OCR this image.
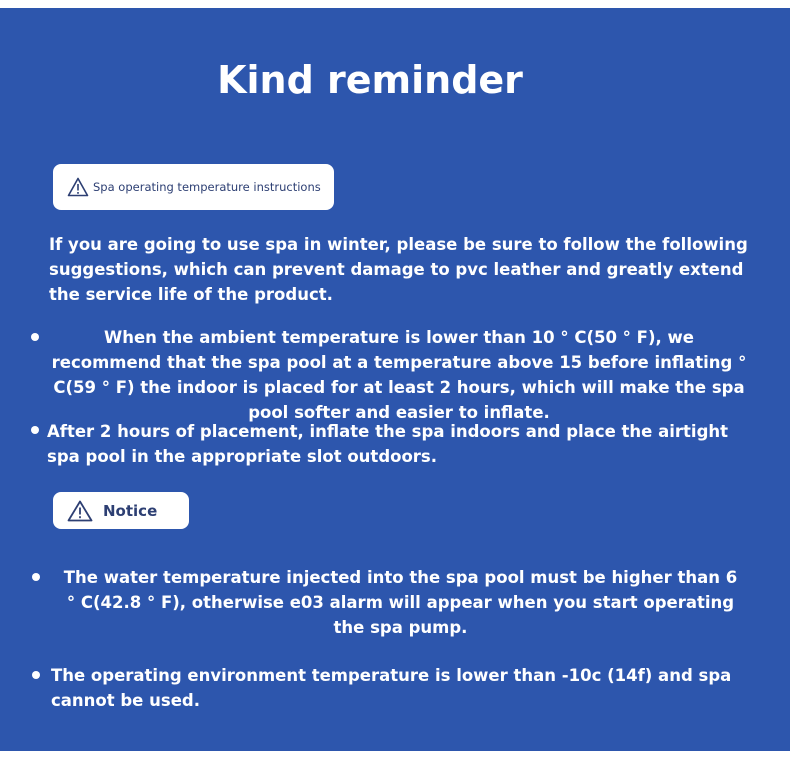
Kind reminder
Spa operating temperature instructions
If you are going to use spa in winter, please be sure to follow the following suggestions, which can prevent damage to pvc leather and greatly extend the service life of the product.
When the ambient temperature is lower than 10 ° C(50 ° F), we recommend that the spa pool at a temperature above 15 before inflating ° C(59 ° F) the indoor is placed for at least 2 hours, which will make the spa pool softer and easier to inflate.
After 2 hours of placement, inflate the spa indoors and place the airtight spa pool in the appropriate slot outdoors.
Notice
The water temperature injected into the spa pool must be higher than 6 ° C(42.8 ° F), otherwise e03 alarm will appear when you start operating the spa pump.
The operating environment temperature is lower than -10c (14f) and spa cannot be used.
